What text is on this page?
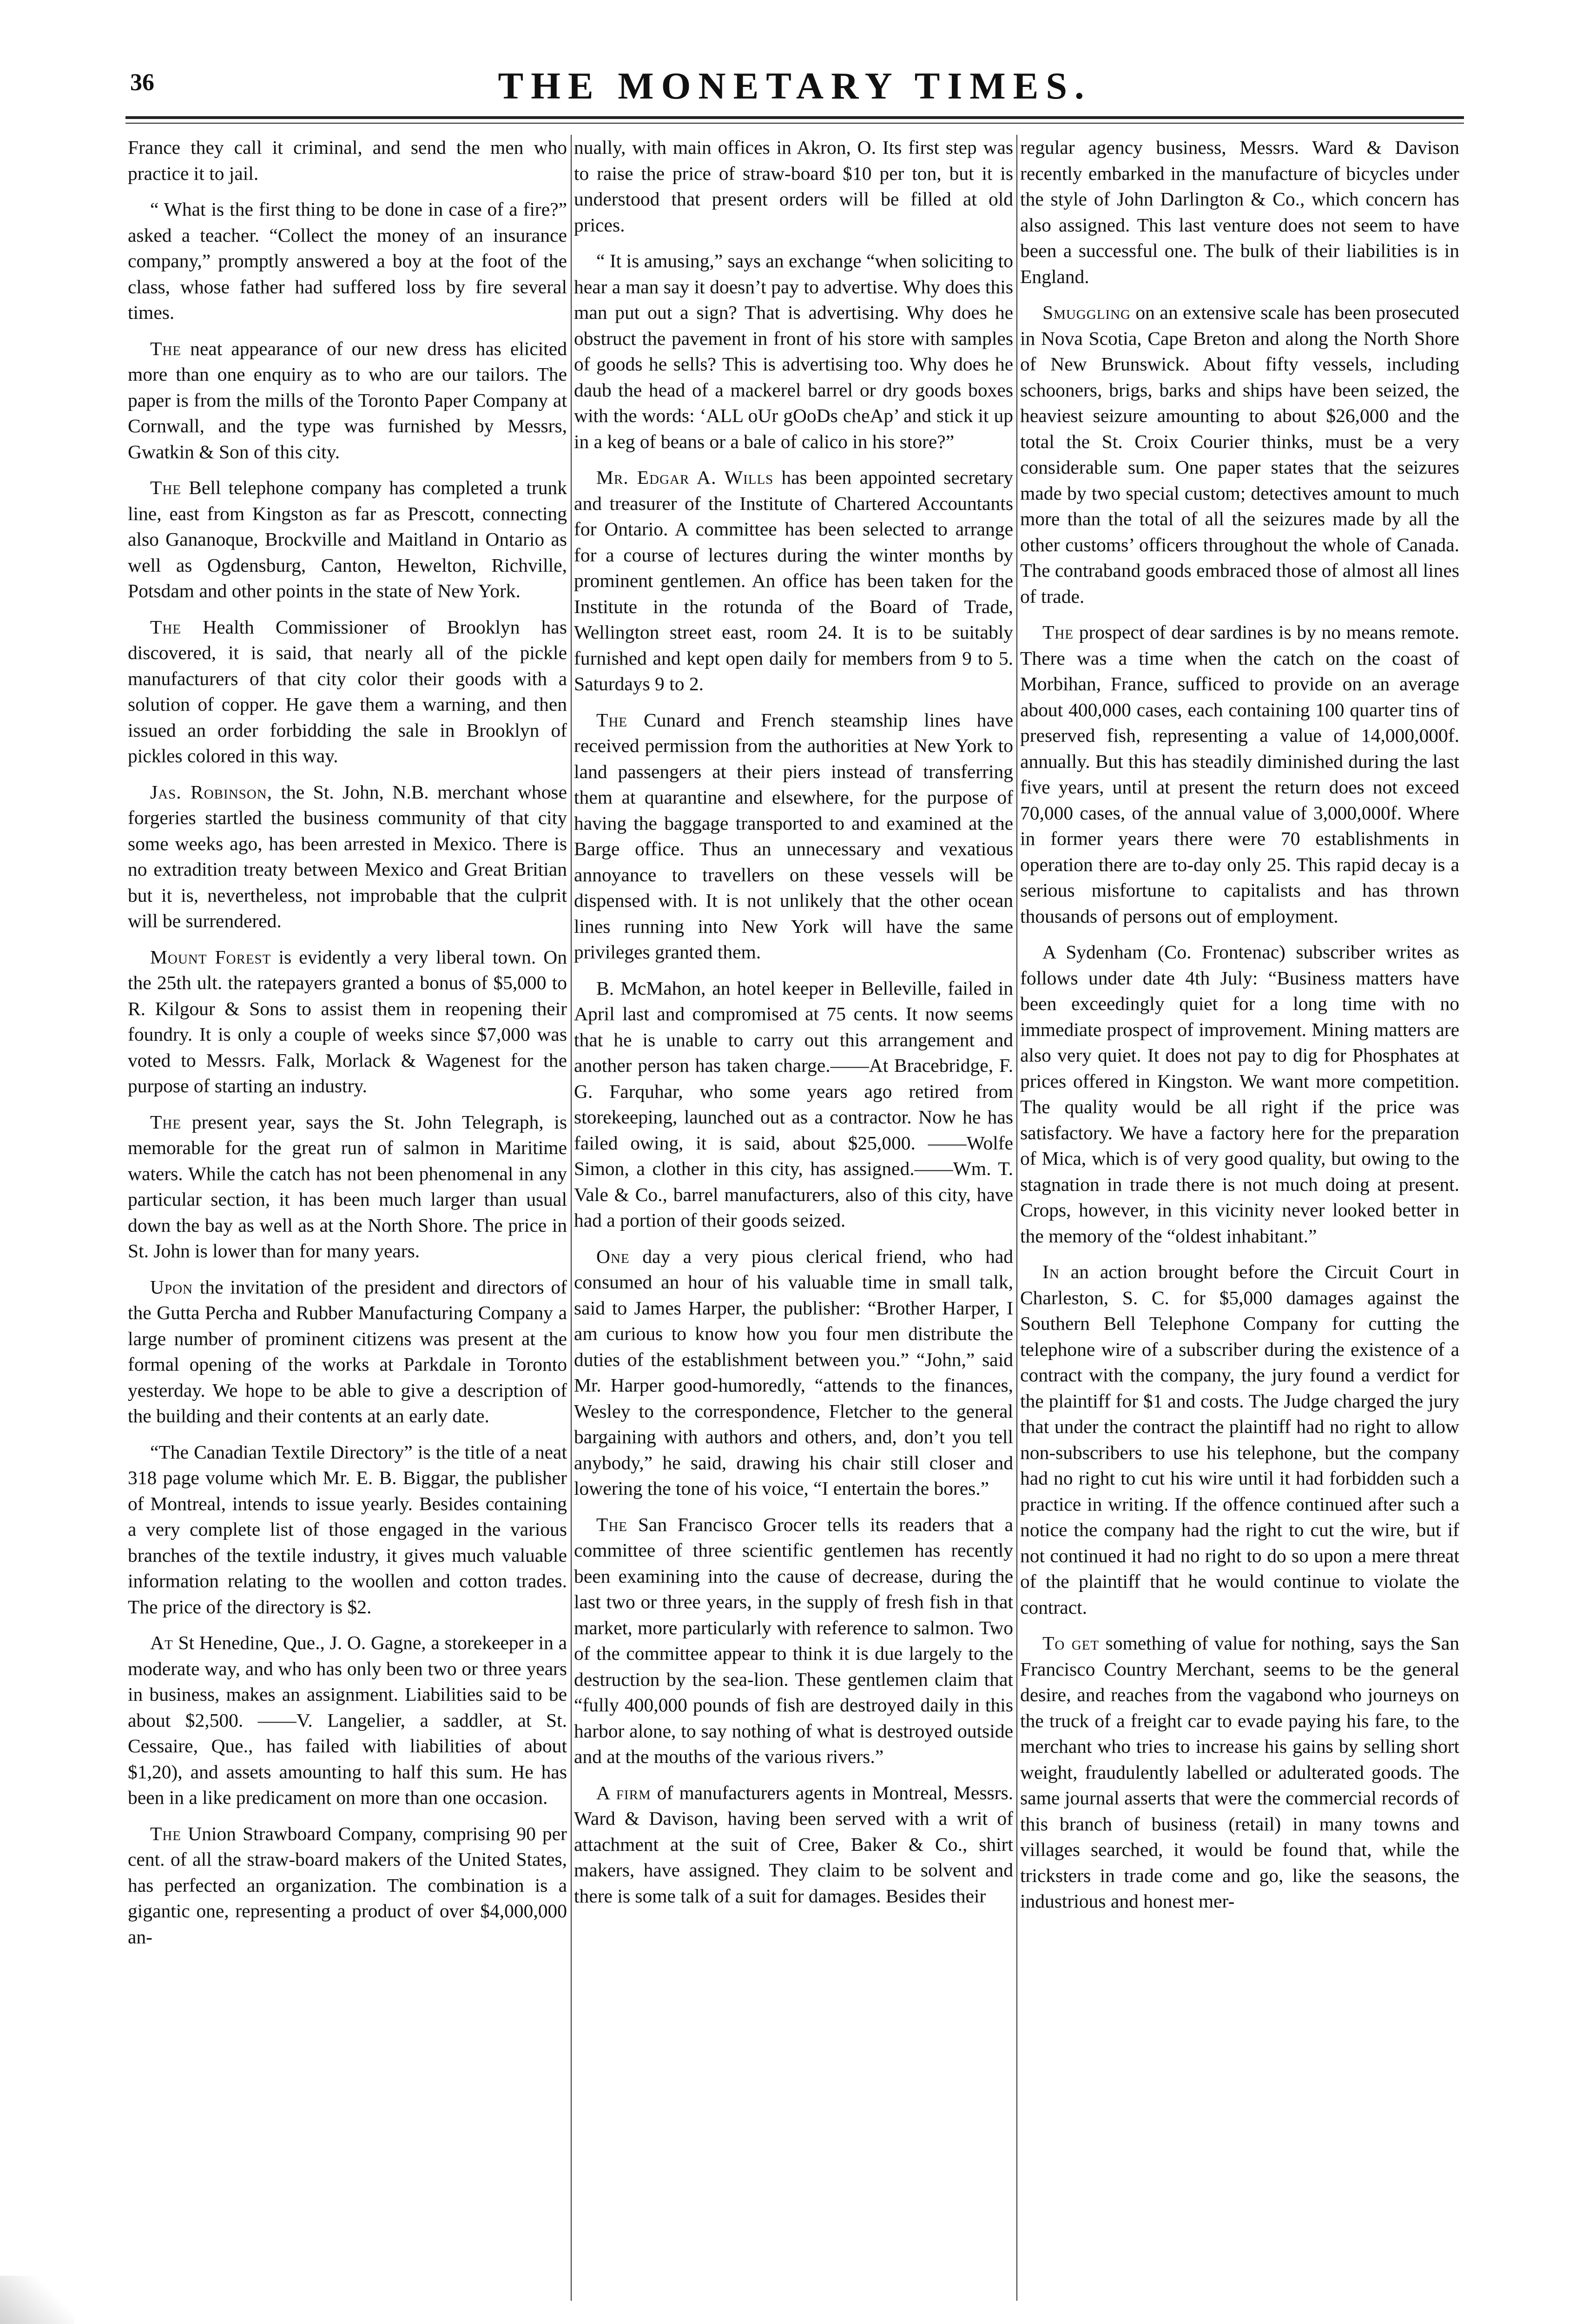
36	THE MONETARY TIMES.

France they call it criminal, and send the men who practice it to jail.

“ What is the first thing to be done in case of a fire?” asked a teacher. “Collect the money of an insurance company,” promptly answered a boy at the foot of the class, whose father had suffered loss by fire several times.

The neat appearance of our new dress has elicited more than one enquiry as to who are our tailors. The paper is from the mills of the Toronto Paper Company at Cornwall, and the type was furnished by Messrs, Gwatkin & Son of this city.

The Bell telephone company has completed a trunk line, east from Kingston as far as Prescott, connecting also Gananoque, Brockville and Maitland in Ontario as well as Ogdensburg, Canton, Hewelton, Richville, Potsdam and other points in the state of New York.

The Health Commissioner of Brooklyn has discovered, it is said, that nearly all of the pickle manufacturers of that city color their goods with a solution of copper. He gave them a warning, and then issued an order forbidding the sale in Brooklyn of pickles colored in this way.

Jas. Robinson, the St. John, N.B. merchant whose forgeries startled the business community of that city some weeks ago, has been arrested in Mexico. There is no extradition treaty between Mexico and Great Britian but it is, nevertheless, not improbable that the culprit will be surrendered.

Mount Forest is evidently a very liberal town. On the 25th ult. the ratepayers granted a bonus of $5,000 to R. Kilgour & Sons to assist them in reopening their foundry. It is only a couple of weeks since $7,000 was voted to Messrs. Falk, Morlack & Wagenest for the purpose of starting an industry.

The present year, says the St. John Telegraph, is memorable for the great run of salmon in Maritime waters. While the catch has not been phenomenal in any particular section, it has been much larger than usual down the bay as well as at the North Shore. The price in St. John is lower than for many years.

Upon the invitation of the president and directors of the Gutta Percha and Rubber Manufacturing Company a large number of prominent citizens was present at the formal opening of the works at Parkdale in Toronto yesterday. We hope to be able to give a description of the building and their contents at an early date.

“The Canadian Textile Directory” is the title of a neat 318 page volume which Mr. E. B. Biggar, the publisher of Montreal, intends to issue yearly. Besides containing a very complete list of those engaged in the various branches of the textile industry, it gives much valuable information relating to the woollen and cotton trades. The price of the directory is $2.

At St Henedine, Que., J. O. Gagne, a storekeeper in a moderate way, and who has only been two or three years in business, makes an assignment. Liabilities said to be about $2,500. ——V. Langelier, a saddler, at St. Cessaire, Que., has failed with liabilities of about $1,20), and assets amounting to half this sum. He has been in a like predicament on more than one occasion.

The Union Strawboard Company, comprising 90 per cent. of all the straw-board makers of the United States, has perfected an organization. The combination is a gigantic one, representing a product of over $4,000,000 an-

nually, with main offices in Akron, O. Its first step was to raise the price of straw-board $10 per ton, but it is understood that present orders will be filled at old prices.

“ It is amusing,” says an exchange “when soliciting to hear a man say it doesn’t pay to advertise. Why does this man put out a sign? That is advertising. Why does he obstruct the pavement in front of his store with samples of goods he sells? This is advertising too. Why does he daub the head of a mackerel barrel or dry goods boxes with the words: ‘ALL oUr gOoDs cheAp’ and stick it up in a keg of beans or a bale of calico in his store?”

Mr. Edgar A. Wills has been appointed secretary and treasurer of the Institute of Chartered Accountants for Ontario. A committee has been selected to arrange for a course of lectures during the winter months by prominent gentlemen. An office has been taken for the Institute in the rotunda of the Board of Trade, Wellington street east, room 24. It is to be suitably furnished and kept open daily for members from 9 to 5. Saturdays 9 to 2.

The Cunard and French steamship lines have received permission from the authorities at New York to land passengers at their piers instead of transferring them at quarantine and elsewhere, for the purpose of having the baggage transported to and examined at the Barge office. Thus an unnecessary and vexatious annoyance to travellers on these vessels will be dispensed with. It is not unlikely that the other ocean lines running into New York will have the same privileges granted them.

B. McMahon, an hotel keeper in Belleville, failed in April last and compromised at 75 cents. It now seems that he is unable to carry out this arrangement and another person has taken charge.——At Bracebridge, F. G. Farquhar, who some years ago retired from storekeeping, launched out as a contractor. Now he has failed owing, it is said, about $25,000. ——Wolfe Simon, a clother in this city, has assigned.——Wm. T. Vale & Co., barrel manufacturers, also of this city, have had a portion of their goods seized.

One day a very pious clerical friend, who had consumed an hour of his valuable time in small talk, said to James Harper, the publisher: “Brother Harper, I am curious to know how you four men distribute the duties of the establishment between you.” “John,” said Mr. Harper good-humoredly, “attends to the finances, Wesley to the correspondence, Fletcher to the general bargaining with authors and others, and, don’t you tell anybody,” he said, drawing his chair still closer and lowering the tone of his voice, “I entertain the bores.”

The San Francisco Grocer tells its readers that a committee of three scientific gentlemen has recently been examining into the cause of decrease, during the last two or three years, in the supply of fresh fish in that market, more particularly with reference to salmon. Two of the committee appear to think it is due largely to the destruction by the sea-lion. These gentlemen claim that “fully 400,000 pounds of fish are destroyed daily in this harbor alone, to say nothing of what is destroyed outside and at the mouths of the various rivers.”

A firm of manufacturers agents in Montreal, Messrs. Ward & Davison, having been served with a writ of attachment at the suit of Cree, Baker & Co., shirt makers, have assigned. They claim to be solvent and there is some talk of a suit for damages. Besides their

regular agency business, Messrs. Ward & Davison recently embarked in the manufacture of bicycles under the style of John Darlington & Co., which concern has also assigned. This last venture does not seem to have been a successful one. The bulk of their liabilities is in England.

Smuggling on an extensive scale has been prosecuted in Nova Scotia, Cape Breton and along the North Shore of New Brunswick. About fifty vessels, including schooners, brigs, barks and ships have been seized, the heaviest seizure amounting to about $26,000 and the total the St. Croix Courier thinks, must be a very considerable sum. One paper states that the seizures made by two special custom; detectives amount to much more than the total of all the seizures made by all the other customs’ officers throughout the whole of Canada. The contraband goods embraced those of almost all lines of trade.

The prospect of dear sardines is by no means remote. There was a time when the catch on the coast of Morbihan, France, sufficed to provide on an average about 400,000 cases, each containing 100 quarter tins of preserved fish, representing a value of 14,000,000f. annually. But this has steadily diminished during the last five years, until at present the return does not exceed 70,000 cases, of the annual value of 3,000,000f. Where in former years there were 70 establishments in operation there are to-day only 25. This rapid decay is a serious misfortune to capitalists and has thrown thousands of persons out of employment.

A Sydenham (Co. Frontenac) subscriber writes as follows under date 4th July: “Business matters have been exceedingly quiet for a long time with no immediate prospect of improvement. Mining matters are also very quiet. It does not pay to dig for Phosphates at prices offered in Kingston. We want more competition. The quality would be all right if the price was satisfactory. We have a factory here for the preparation of Mica, which is of very good quality, but owing to the stagnation in trade there is not much doing at present. Crops, however, in this vicinity never looked better in the memory of the “oldest inhabitant.”

In an action brought before the Circuit Court in Charleston, S. C. for $5,000 damages against the Southern Bell Telephone Company for cutting the telephone wire of a subscriber during the existence of a contract with the company, the jury found a verdict for the plaintiff for $1 and costs. The Judge charged the jury that under the contract the plaintiff had no right to allow non-subscribers to use his telephone, but the company had no right to cut his wire until it had forbidden such a practice in writing. If the offence continued after such a notice the company had the right to cut the wire, but if not continued it had no right to do so upon a mere threat of the plaintiff that he would continue to violate the contract.

To get something of value for nothing, says the San Francisco Country Merchant, seems to be the general desire, and reaches from the vagabond who journeys on the truck of a freight car to evade paying his fare, to the merchant who tries to increase his gains by selling short weight, fraudulently labelled or adulterated goods. The same journal asserts that were the commercial records of this branch of business (retail) in many towns and villages searched, it would be found that, while the tricksters in trade come and go, like the seasons, the industrious and honest mer-
